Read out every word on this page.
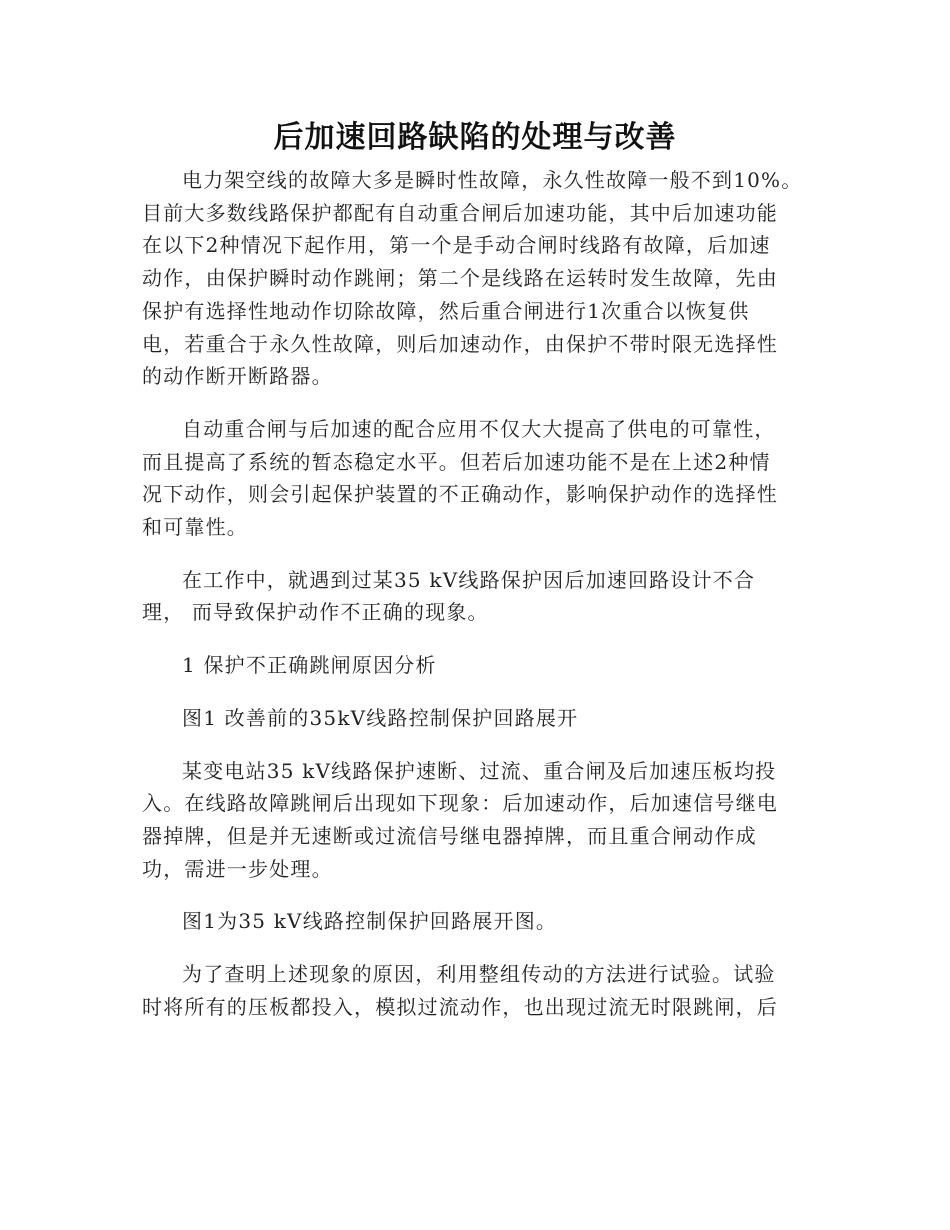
后加速回路缺陷的处理与改善

电力架空线的故障大多是瞬时性故障，永久性故障一般不到10%。
目前大多数线路保护都配有自动重合闸后加速功能，其中后加速功能
在以下2种情况下起作用，第一个是手动合闸时线路有故障，后加速
动作，由保护瞬时动作跳闸；第二个是线路在运转时发生故障，先由
保护有选择性地动作切除故障，然后重合闸进行1次重合以恢复供
电，若重合于永久性故障，则后加速动作，由保护不带时限无选择性
的动作断开断路器。

自动重合闸与后加速的配合应用不仅大大提高了供电的可靠性，
而且提高了系统的暂态稳定水平。但若后加速功能不是在上述2种情
况下动作，则会引起保护装置的不正确动作，影响保护动作的选择性
和可靠性。

在工作中，就遇到过某35 kV线路保护因后加速回路设计不合
理， 而导致保护动作不正确的现象。

1 保护不正确跳闸原因分析

图1 改善前的35kV线路控制保护回路展开

某变电站35 kV线路保护速断、过流、重合闸及后加速压板均投
入。在线路故障跳闸后出现如下现象：后加速动作，后加速信号继电
器掉牌，但是并无速断或过流信号继电器掉牌，而且重合闸动作成
功，需进一步处理。

图1为35 kV线路控制保护回路展开图。

为了查明上述现象的原因，利用整组传动的方法进行试验。试验
时将所有的压板都投入，模拟过流动作，也出现过流无时限跳闸，后
